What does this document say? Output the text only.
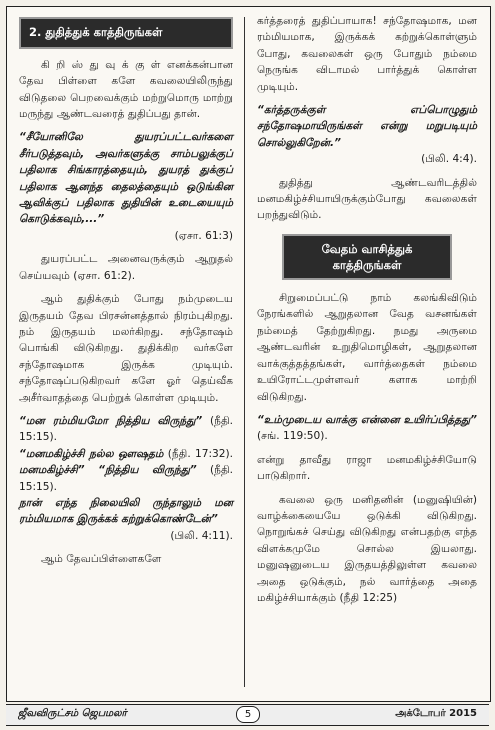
2. துதித்துக் காத்திருங்கள்

கி றி ஸ் து வு க் கு ள் எனக்கன்பான தேவ பிள்ளை களே கவலையிலிருந்து விடுதலை பெறவைக்கும் மற்றுமொரு மாற்று மருந்து ஆண்டவரைத் துதிப்பது தான்.

“சீயோனிலே துயரப்பட்டவர்களை சீர்படுத்தவும், அவர்களுக்கு சாம்பலுக்குப் பதிலாக சிங்காரத்தையும், துயரத் துக்குப் பதிலாக ஆனந்த தைலத்தையும் ஒடுங்கின ஆவிக்குப் பதிலாக துதியின் உடையையும் கொடுக்கவும்,...”
(ஏசா. 61:3)

துயரப்பட்ட அனைவருக்கும் ஆறுதல் செய்யவும் (ஏசா. 61:2).

ஆம் துதிக்கும் போது நம்முடைய இருதயம் தேவ பிரசன்னத்தால் நிரம்புகிறது. நம் இருதயம் மலர்கிறது. சந்தோஷம் பொங்கி விடுகிறது. துதிக்கிற வர்களே சந்தோஷமாக இருக்க முடியும். சந்தோஷப்படுகிறவர் களே ஓர் தெய்வீக அசீர்வாதத்தை பெற்றுக் கொள்ள முடியும்.

“மன ரம்மியமோ நித்திய விருந்து” (நீதி. 15:15).
“மனமகிழ்ச்சி நல்ல ஔஷதம் (நீதி. 17:32). மனமகிழ்ச்சி” “நித்திய விருந்து” (நீதி. 15:15).
நான் எந்த நிலையிலி ருந்தாலும் மன ரம்மியமாக இருக்கக் கற்றுக்கொண்டேன்”
(பிலி. 4:11).

ஆம் தேவப்பிள்ளைகளே

கர்த்தரைத் துதிப்பாயாக! சந்தோஷமாக, மன ரம்மியமாக, இருக்கக் கற்றுக்கொள்ளும் போது, கவலைகள் ஒரு போதும் நம்மை நெருங்க விடாமல் பார்த்துக் கொள்ள முடியும்.

“கர்த்தருக்குள் எப்பொழுதும் சந்தோஷமாயிருங்கள் என்று மறுபடியும் சொல்லுகிறேன்.”
(பிலி. 4:4).

துதித்து ஆண்டவரிடத்தில் மனமகிழ்ச்சியாயிருக்கும்போது கவலைகள் பறந்துவிடும்.

வேதம் வாசித்துக் காத்திருங்கள்

சிறுமைப்பட்டு நாம் கலங்கிவிடும் நேரங்களில் ஆறுதலான வேத வசனங்கள் நம்மைத் தேற்றுகிறது. நமது அருமை ஆண்டவரின் உறுதிமொழிகள், ஆறுதலான வாக்குத்தத்தங்கள், வார்த்தைகள் நம்மை உயிரோட்டமுள்ளவர் களாக மாற்றி விடுகிறது.

“உம்முடைய வாக்கு என்னை உயிர்ப்பித்தது” (சங். 119:50).

என்று தாவீது ராஜா மனமகிழ்ச்சியோடு பாடுகிறார்.

கவலை ஒரு மனிதனின் (மனுஷியின்) வாழ்க்கையையே ஒடுக்கி விடுகிறது. நொறுங்கச் செய்து விடுகிறது என்பதற்கு எந்த விளக்கமுமே சொல்ல இயலாது. மனுஷனுடைய இருதயத்திலுள்ள கவலை அதை ஒடுக்கும், நல் வார்த்தை அதை மகிழ்ச்சியாக்கும் (நீதி 12:25)

ஜீவவிருட்சம் ஜெபமலர்	5	அக்டோபர் 2015
